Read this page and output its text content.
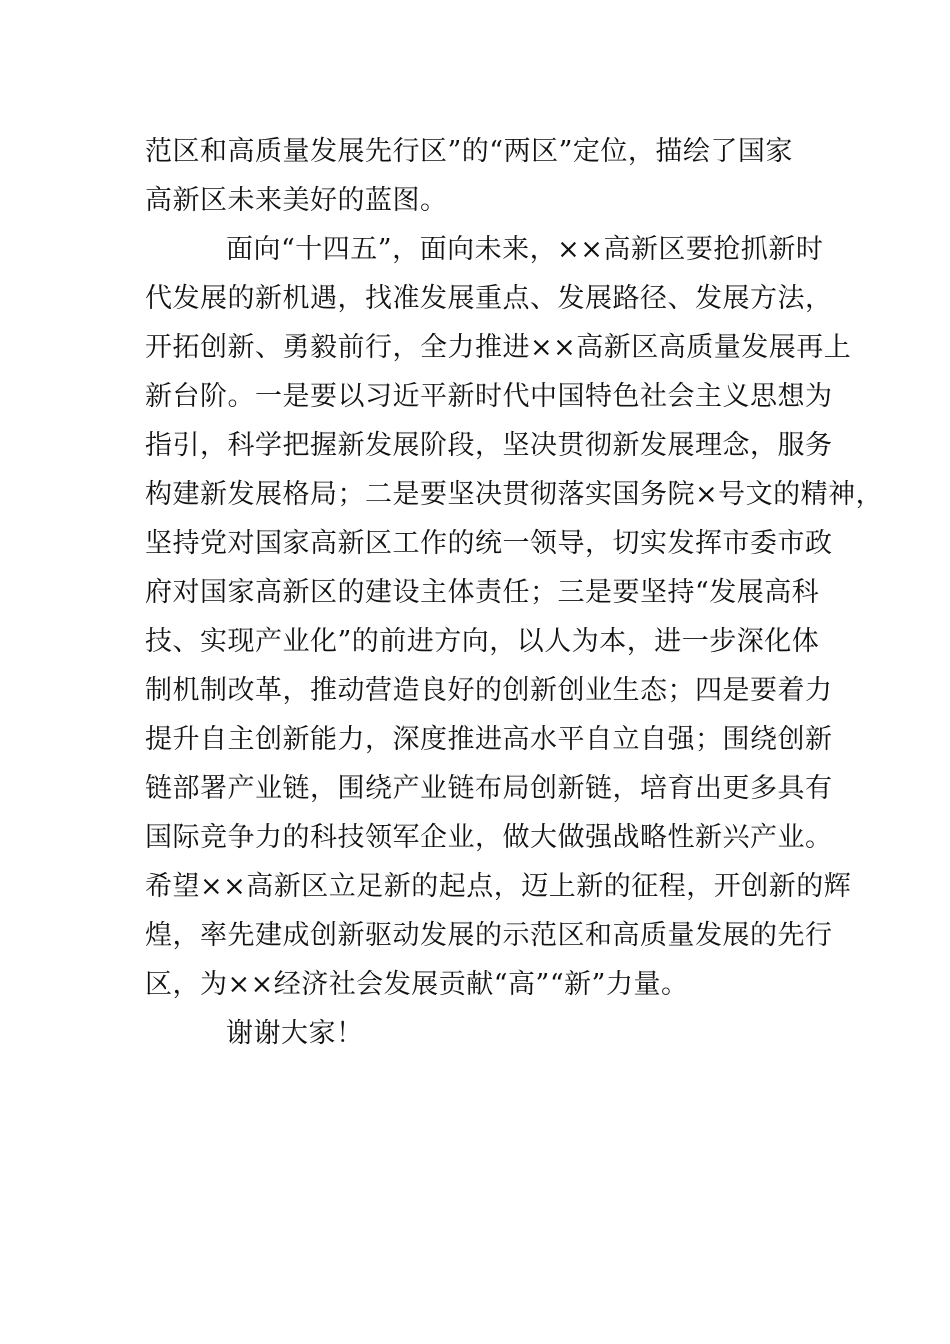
范区和高质量发展先行区”的“两区”定位，描绘了国家
高新区未来美好的蓝图。
面向“十四五”，面向未来，××高新区要抢抓新时
代发展的新机遇，找准发展重点、发展路径、发展方法，
开拓创新、勇毅前行，全力推进××高新区高质量发展再上
新台阶。一是要以习近平新时代中国特色社会主义思想为
指引，科学把握新发展阶段，坚决贯彻新发展理念，服务
构建新发展格局；二是要坚决贯彻落实国务院×号文的精神，
坚持党对国家高新区工作的统一领导，切实发挥市委市政
府对国家高新区的建设主体责任；三是要坚持“发展高科
技、实现产业化”的前进方向，以人为本，进一步深化体
制机制改革，推动营造良好的创新创业生态；四是要着力
提升自主创新能力，深度推进高水平自立自强；围绕创新
链部署产业链，围绕产业链布局创新链，培育出更多具有
国际竞争力的科技领军企业，做大做强战略性新兴产业。
希望××高新区立足新的起点，迈上新的征程，开创新的辉
煌，率先建成创新驱动发展的示范区和高质量发展的先行
区，为××经济社会发展贡献“高”“新”力量。
谢谢大家！
